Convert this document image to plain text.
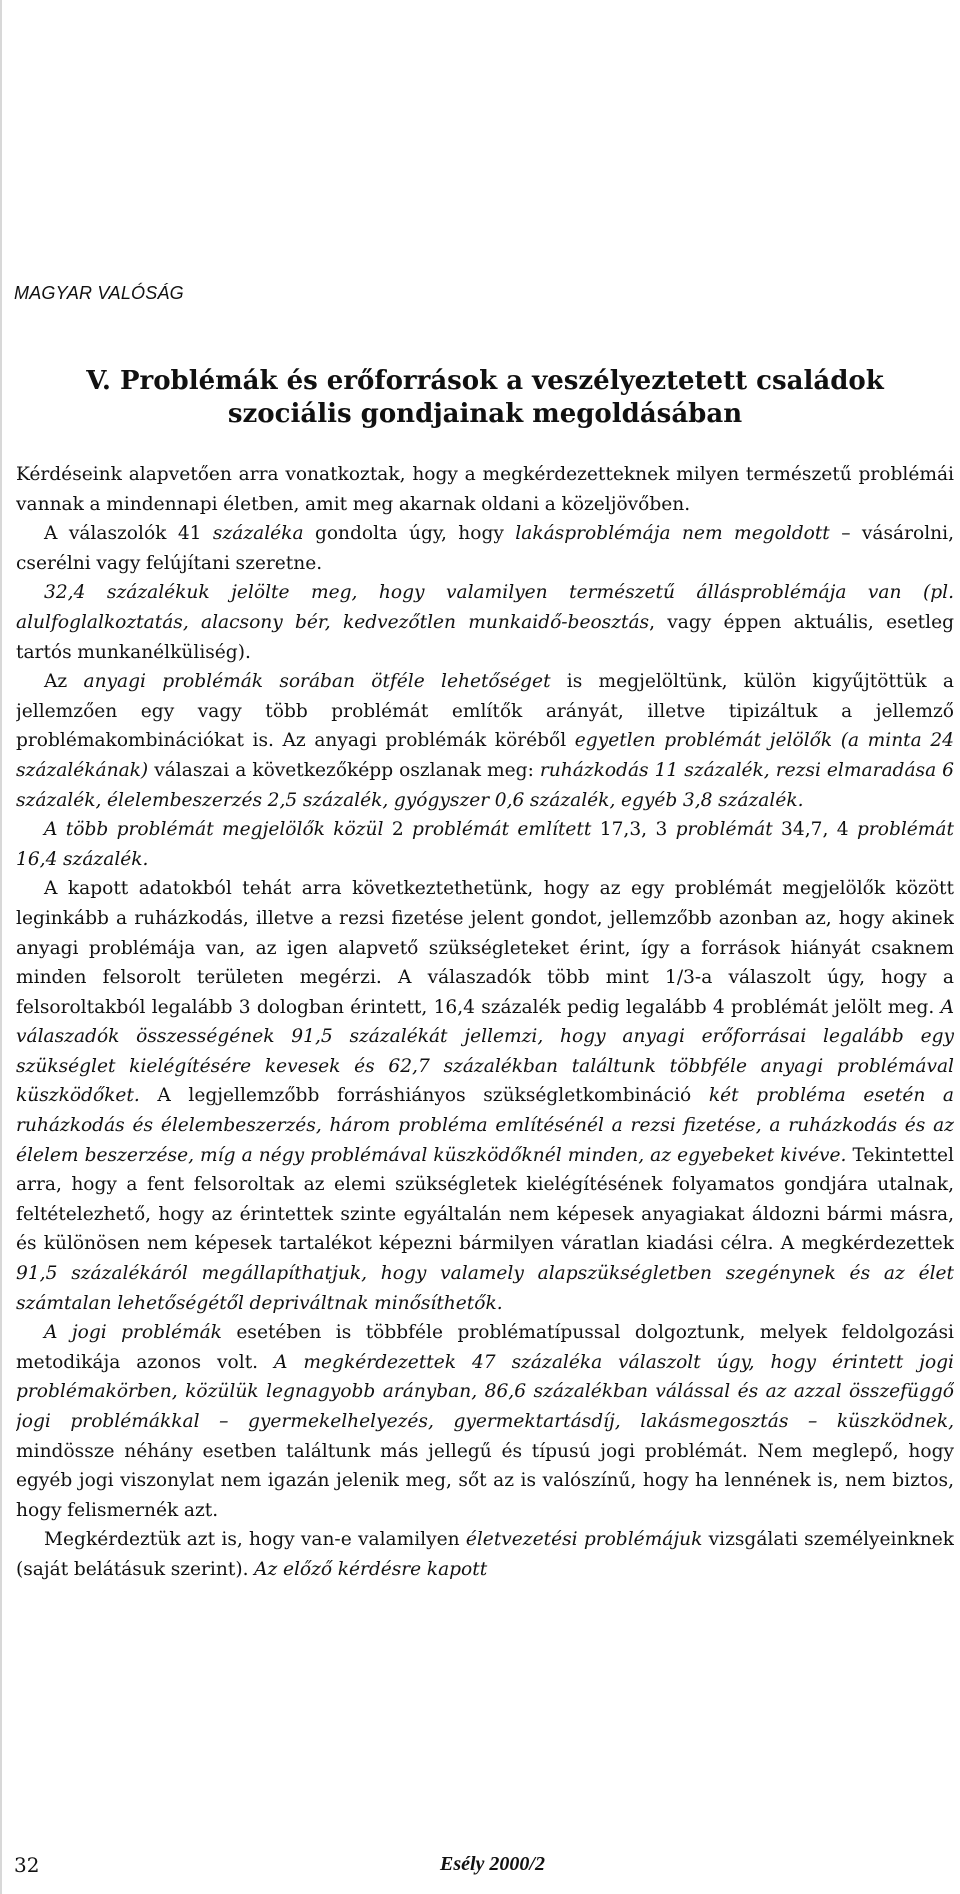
MAGYAR VALÓSÁG
V. Problémák és erőforrások a veszélyeztetett családok
szociális gondjainak megoldásában

Kérdéseink alapvetően arra vonatkoztak, hogy a megkérdezetteknek milyen természetű problémái vannak a mindennapi életben, amit meg akarnak oldani a közeljövőben.

A válaszolók 41 százaléka gondolta úgy, hogy lakásproblémája nem megoldott – vásárolni, cserélni vagy felújítani szeretne.

32,4 százalékuk jelölte meg, hogy valamilyen természetű állásproblémája van (pl. alulfoglalkoztatás, alacsony bér, kedvezőtlen munkaidő-beosztás, vagy éppen aktuális, esetleg tartós munkanélküliség).

Az anyagi problémák sorában ötféle lehetőséget is megjelöltünk, külön kigyűjtöttük a jellemzően egy vagy több problémát említők arányát, illetve tipizáltuk a jellemző problémakombinációkat is. Az anyagi problémák köréből egyetlen problémát jelölők (a minta 24 százalékának) válaszai a következőképp oszlanak meg: ruházkodás 11 százalék, rezsi elmaradása 6 százalék, élelembeszerzés 2,5 százalék, gyógyszer 0,6 százalék, egyéb 3,8 százalék.

A több problémát megjelölők közül 2 problémát említett 17,3, 3 problémát 34,7, 4 problémát 16,4 százalék.

A kapott adatokból tehát arra következtethetünk, hogy az egy problémát megjelölők között leginkább a ruházkodás, illetve a rezsi fizetése jelent gondot, jellemzőbb azonban az, hogy akinek anyagi problémája van, az igen alapvető szükségleteket érint, így a források hiányát csaknem minden felsorolt területen megérzi. A válaszadók több mint 1/3-a válaszolt úgy, hogy a felsoroltakból legalább 3 dologban érintett, 16,4 százalék pedig legalább 4 problémát jelölt meg. A válaszadók összességének 91,5 százalékát jellemzi, hogy anyagi erőforrásai legalább egy szükséglet kielégítésére kevesek és 62,7 százalékban találtunk többféle anyagi problémával küszködőket. A legjellemzőbb forráshiányos szükségletkombináció két probléma esetén a ruházkodás és élelembeszerzés, három probléma említésénél a rezsi fizetése, a ruházkodás és az élelem beszerzése, míg a négy problémával küszködőknél minden, az egyebeket kivéve. Tekintettel arra, hogy a fent felsoroltak az elemi szükségletek kielégítésének folyamatos gondjára utalnak, feltételezhető, hogy az érintettek szinte egyáltalán nem képesek anyagiakat áldozni bármi másra, és különösen nem képesek tartalékot képezni bármilyen váratlan kiadási célra. A megkérdezettek 91,5 százalékáról megállapíthatjuk, hogy valamely alapszükségletben szegénynek és az élet számtalan lehetőségétől depriváltnak minősíthetők.

A jogi problémák esetében is többféle problématípussal dolgoztunk, melyek feldolgozási metodikája azonos volt. A megkérdezettek 47 százaléka válaszolt úgy, hogy érintett jogi problémakörben, közülük legnagyobb arányban, 86,6 százalékban válással és az azzal összefüggő jogi problémákkal – gyermekelhelyezés, gyermektartásdíj, lakásmegosztás – küszködnek, mindössze néhány esetben találtunk más jellegű és típusú jogi problémát. Nem meglepő, hogy egyéb jogi viszonylat nem igazán jelenik meg, sőt az is valószínű, hogy ha lennének is, nem biztos, hogy felismernék azt.

Megkérdeztük azt is, hogy van-e valamilyen életvezetési problémájuk vizsgálati személyeinknek (saját belátásuk szerint). Az előző kérdésre kapott

32	Esély 2000/2
